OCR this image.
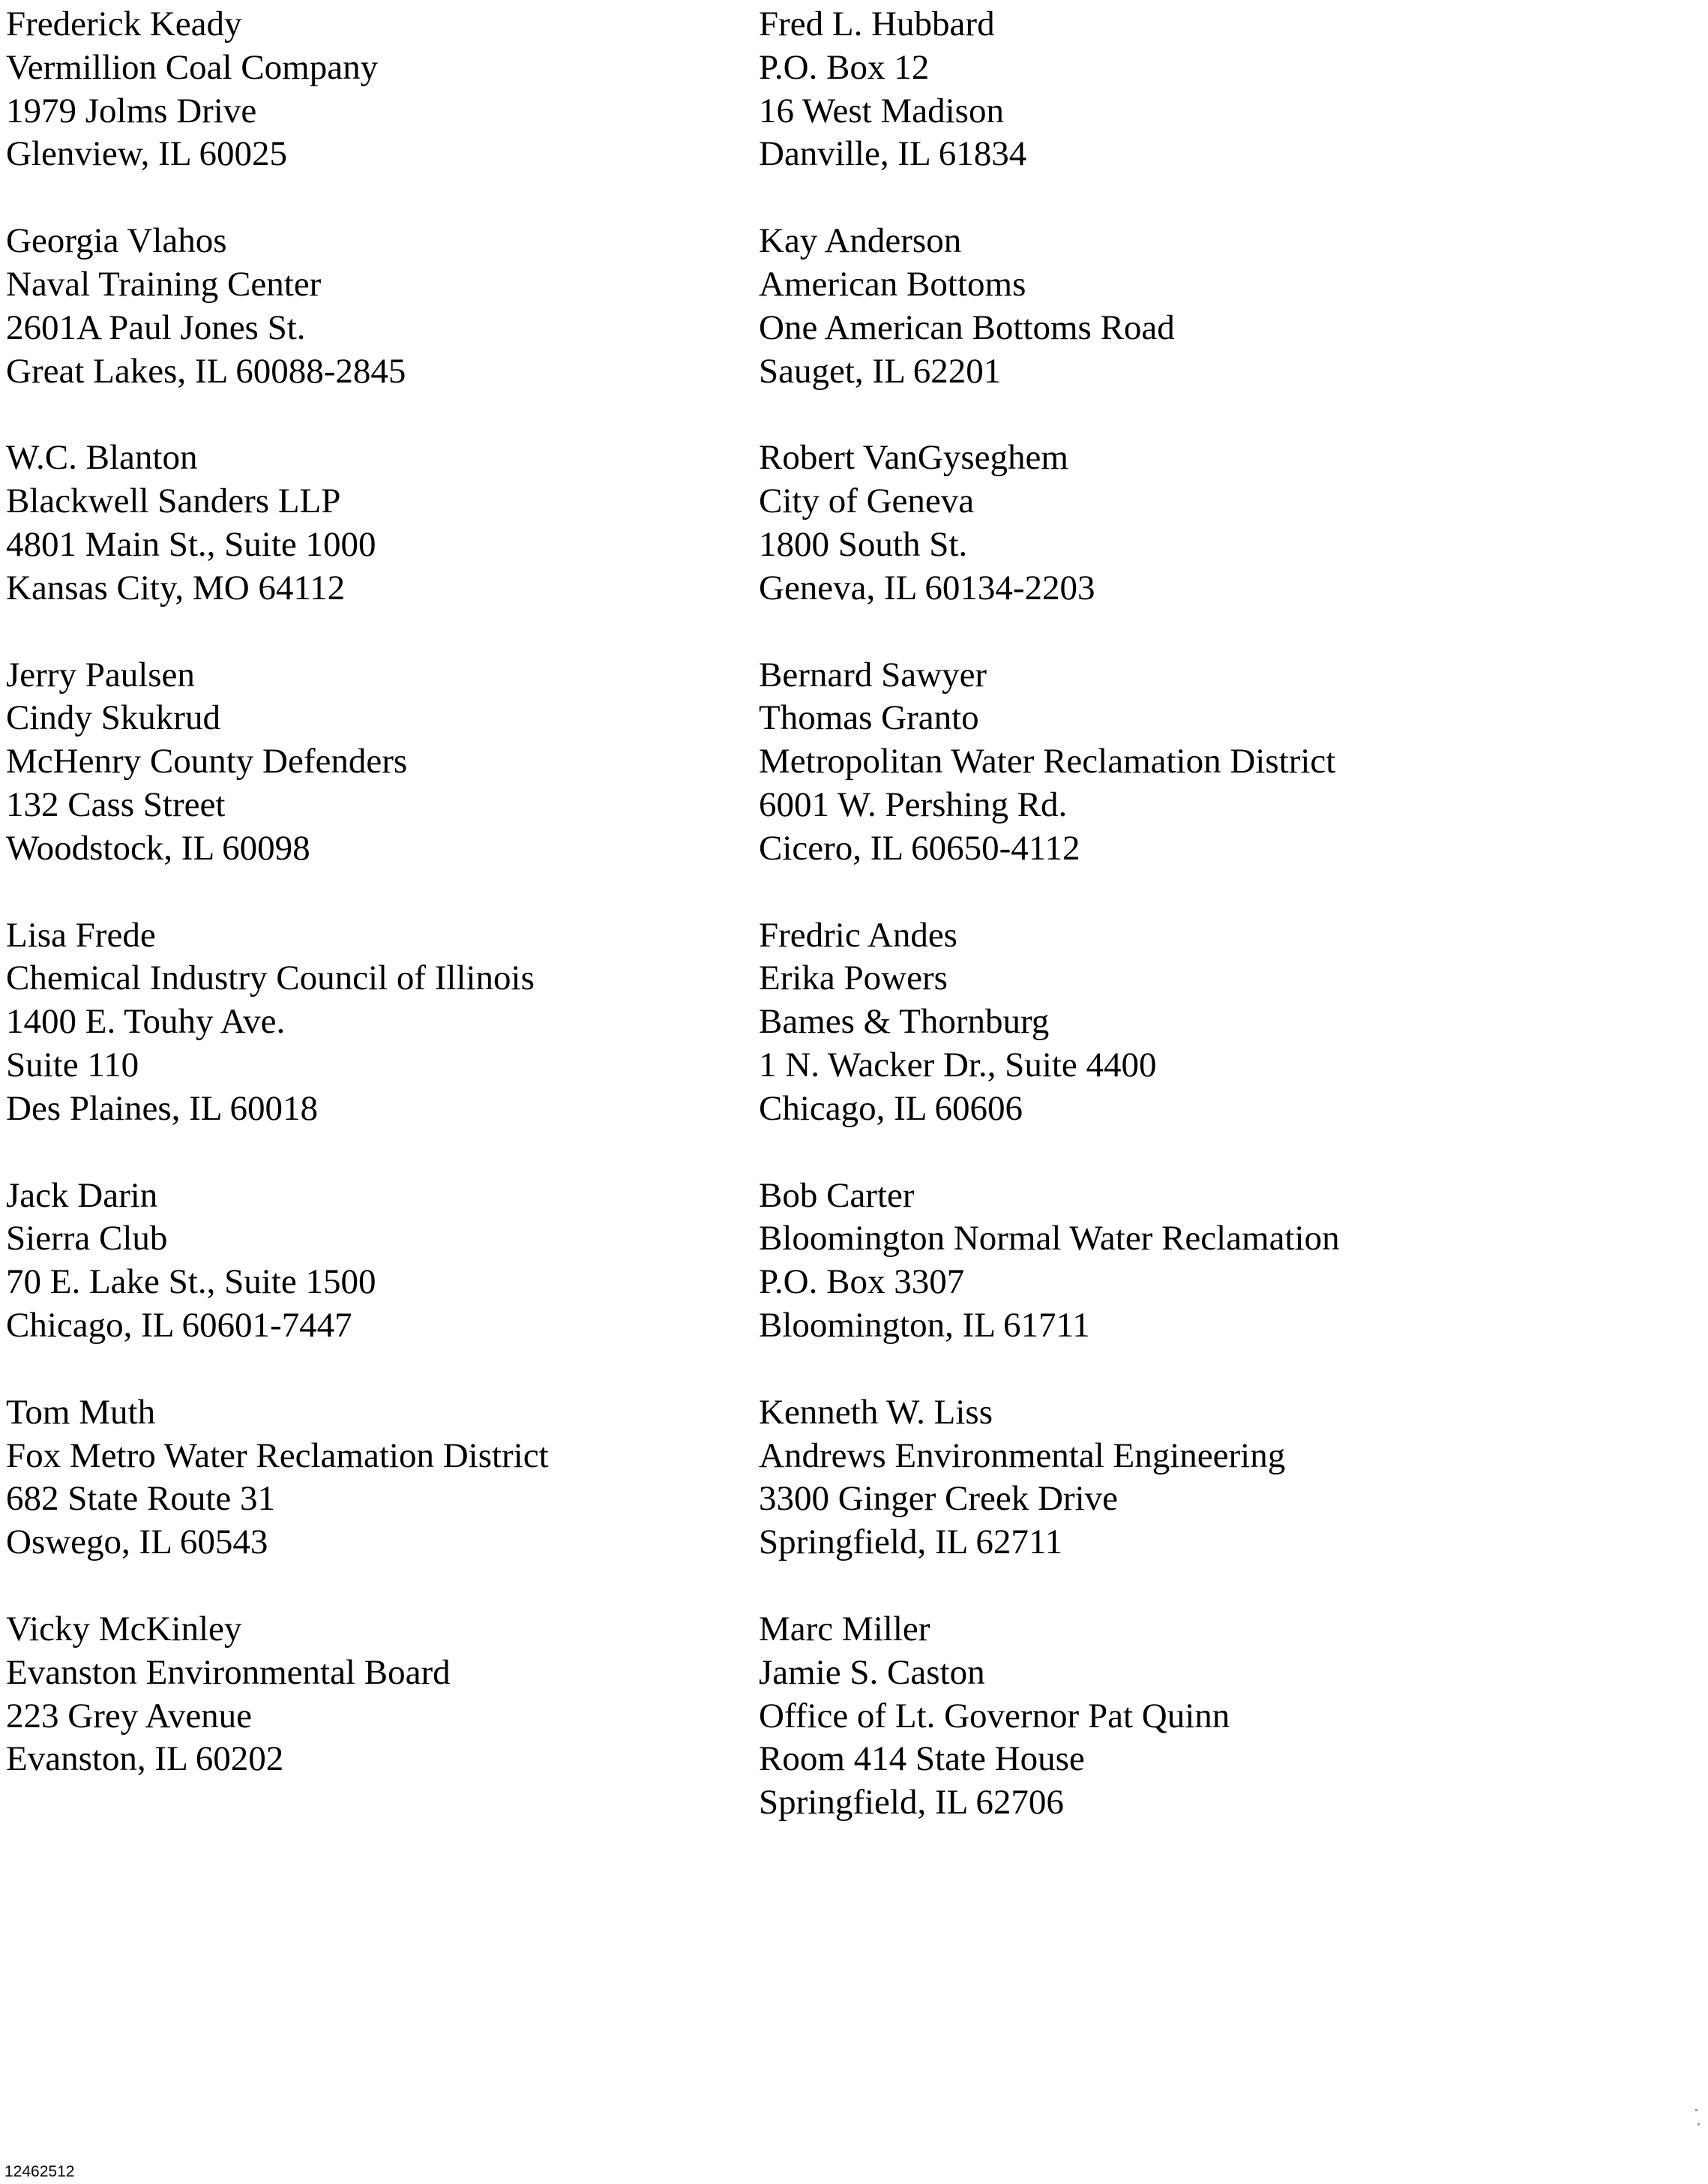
Frederick Keady
Vermillion Coal Company
1979 Jolms Drive
Glenview, IL 60025
Georgia Vlahos
Naval Training Center
2601A Paul Jones St.
Great Lakes, IL 60088-2845
W.C. Blanton
Blackwell Sanders LLP
4801 Main St., Suite 1000
Kansas City, MO 64112
Jerry Paulsen
Cindy Skukrud
McHenry County Defenders
132 Cass Street
Woodstock, IL 60098
Lisa Frede
Chemical Industry Council of Illinois
1400 E. Touhy Ave.
Suite 110
Des Plaines, IL 60018
Jack Darin
Sierra Club
70 E. Lake St., Suite 1500
Chicago, IL 60601-7447
Tom Muth
Fox Metro Water Reclamation District
682 State Route 31
Oswego, IL 60543
Vicky McKinley
Evanston Environmental Board
223 Grey Avenue
Evanston, IL 60202
Fred L. Hubbard
P.O. Box 12
16 West Madison
Danville, IL 61834
Kay Anderson
American Bottoms
One American Bottoms Road
Sauget, IL 62201
Robert VanGyseghem
City of Geneva
1800 South St.
Geneva, IL 60134-2203
Bernard Sawyer
Thomas Granto
Metropolitan Water Reclamation District
6001 W. Pershing Rd.
Cicero, IL 60650-4112
Fredric Andes
Erika Powers
Bames & Thornburg
1 N. Wacker Dr., Suite 4400
Chicago, IL 60606
Bob Carter
Bloomington Normal Water Reclamation
P.O. Box 3307
Bloomington, IL 61711
Kenneth W. Liss
Andrews Environmental Engineering
3300 Ginger Creek Drive
Springfield, IL 62711
Marc Miller
Jamie S. Caston
Office of Lt. Governor Pat Quinn
Room 414 State House
Springfield, IL 62706
12462512
